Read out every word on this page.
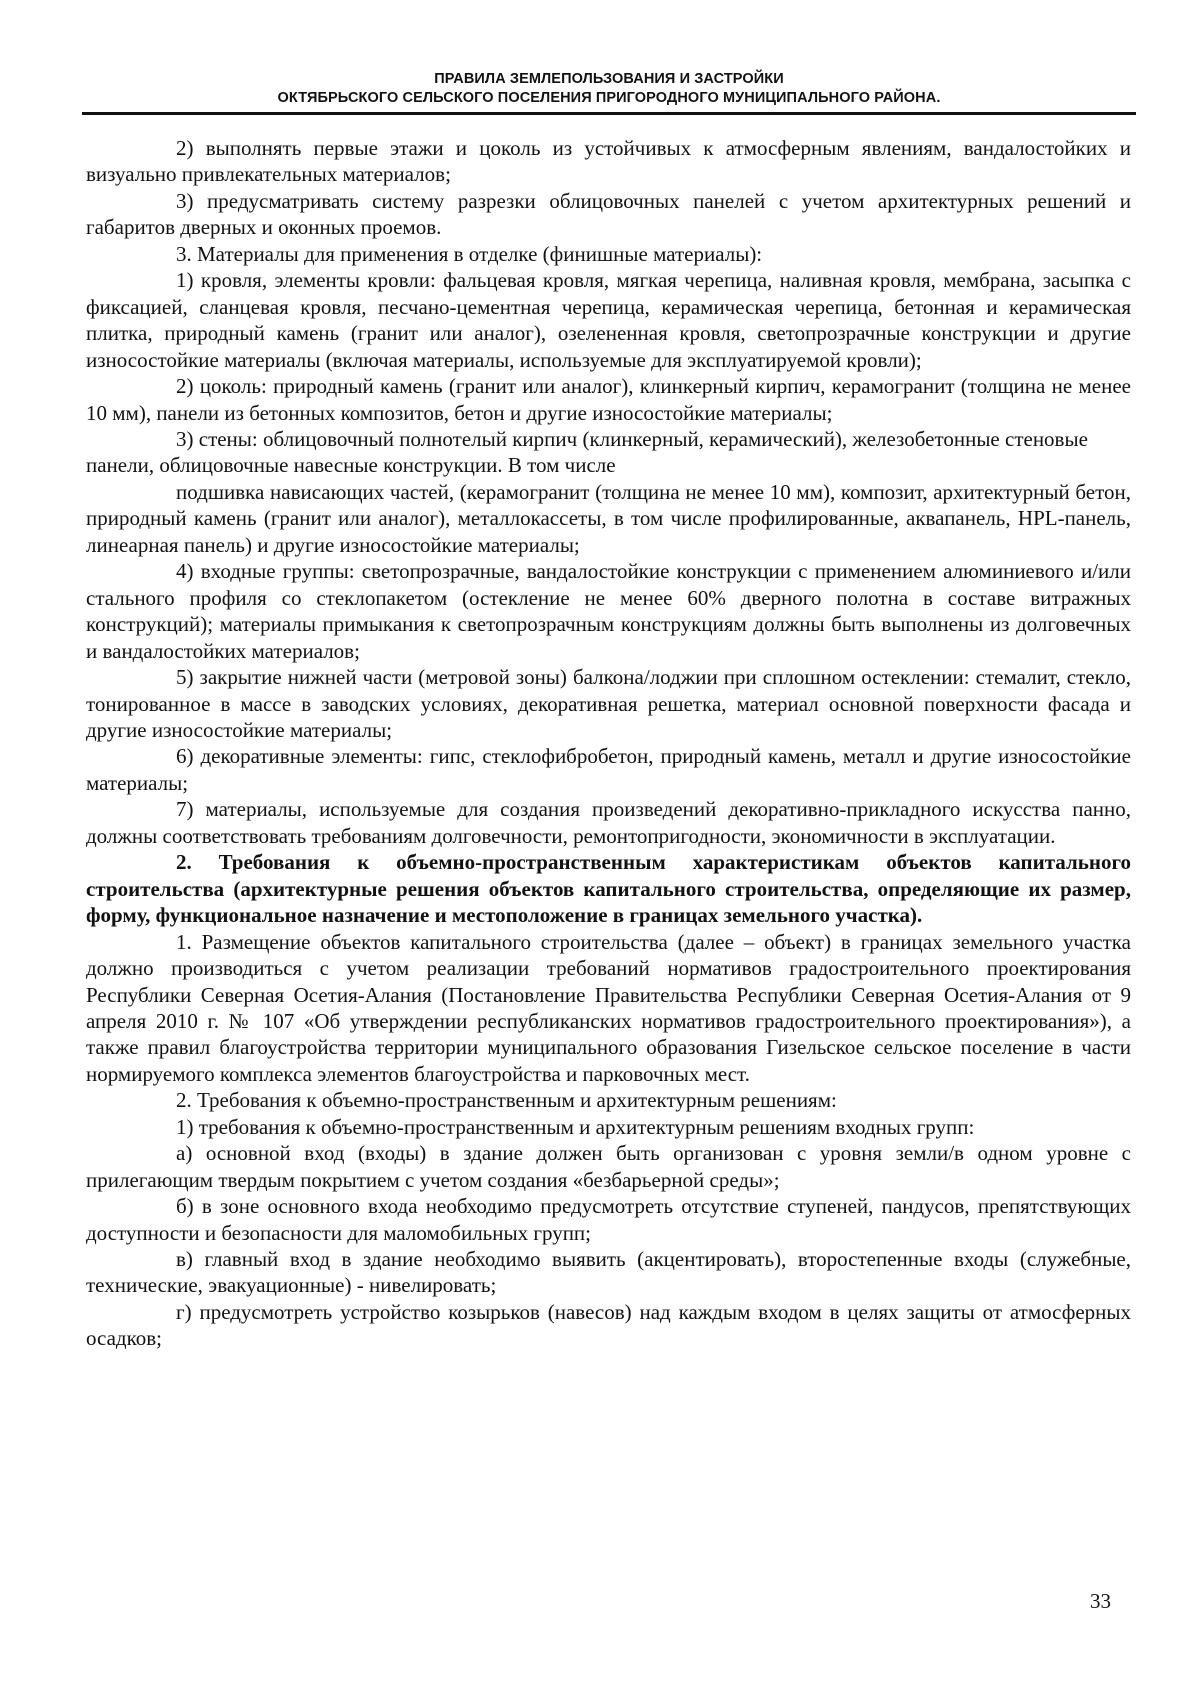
ПРАВИЛА ЗЕМЛЕПОЛЬЗОВАНИЯ И ЗАСТРОЙКИ
ОКТЯБРЬСКОГО СЕЛЬСКОГО ПОСЕЛЕНИЯ ПРИГОРОДНОГО МУНИЦИПАЛЬНОГО РАЙОНА.

2) выполнять первые этажи и цоколь из устойчивых к атмосферным явлениям, вандалостойких и визуально привлекательных материалов;

3) предусматривать систему разрезки облицовочных панелей с учетом архитектурных решений и габаритов дверных и оконных проемов.

3. Материалы для применения в отделке (финишные материалы):

1) кровля, элементы кровли: фальцевая кровля, мягкая черепица, наливная кровля, мембрана, засыпка с фиксацией, сланцевая кровля, песчано-цементная черепица, керамическая черепица, бетонная и керамическая плитка, природный камень (гранит или аналог), озелененная кровля, светопрозрачные конструкции и другие износостойкие материалы (включая материалы, используемые для эксплуатируемой кровли);

2) цоколь: природный камень (гранит или аналог), клинкерный кирпич, керамогранит (толщина не менее 10 мм), панели из бетонных композитов, бетон и другие износостойкие материалы;

3) стены: облицовочный полнотелый кирпич (клинкерный, керамический), железобетонные стеновые панели, облицовочные навесные конструкции. В том числе

подшивка нависающих частей, (керамогранит (толщина не менее 10 мм), композит, архитектурный бетон, природный камень (гранит или аналог), металлокассеты, в том числе профилированные, аквапанель, HPL-панель, линеарная панель) и другие износостойкие материалы;

4) входные группы: светопрозрачные, вандалостойкие конструкции с применением алюминиевого и/или стального профиля со стеклопакетом (остекление не менее 60% дверного полотна в составе витражных конструкций); материалы примыкания к светопрозрачным конструкциям должны быть выполнены из долговечных и вандалостойких материалов;

5) закрытие нижней части (метровой зоны) балкона/лоджии при сплошном остеклении: стемалит, стекло, тонированное в массе в заводских условиях, декоративная решетка, материал основной поверхности фасада и другие износостойкие материалы;

6) декоративные элементы: гипс, стеклофибробетон, природный камень, металл и другие износостойкие материалы;

7) материалы, используемые для создания произведений декоративно-прикладного искусства панно, должны соответствовать требованиям долговечности, ремонтопригодности, экономичности в эксплуатации.

2. Требования к объемно-пространственным характеристикам объектов капитального строительства (архитектурные решения объектов капитального строительства, определяющие их размер, форму, функциональное назначение и местоположение в границах земельного участка).

1. Размещение объектов капитального строительства (далее – объект) в границах земельного участка должно производиться с учетом реализации требований нормативов градостроительного проектирования Республики Северная Осетия-Алания (Постановление Правительства Республики Северная Осетия-Алания от 9 апреля 2010 г. № 107 «Об утверждении республиканских нормативов градостроительного проектирования»), а также правил благоустройства территории муниципального образования Гизельское сельское поселение в части нормируемого комплекса элементов благоустройства и парковочных мест.

2. Требования к объемно-пространственным и архитектурным решениям:

1) требования к объемно-пространственным и архитектурным решениям входных групп:

а) основной вход (входы) в здание должен быть организован с уровня земли/в одном уровне с прилегающим твердым покрытием с учетом создания «безбарьерной среды»;

б) в зоне основного входа необходимо предусмотреть отсутствие ступеней, пандусов, препятствующих доступности и безопасности для маломобильных групп;

в) главный вход в здание необходимо выявить (акцентировать), второстепенные входы (служебные, технические, эвакуационные) - нивелировать;

г) предусмотреть устройство козырьков (навесов) над каждым входом в целях защиты от атмосферных осадков;

33
